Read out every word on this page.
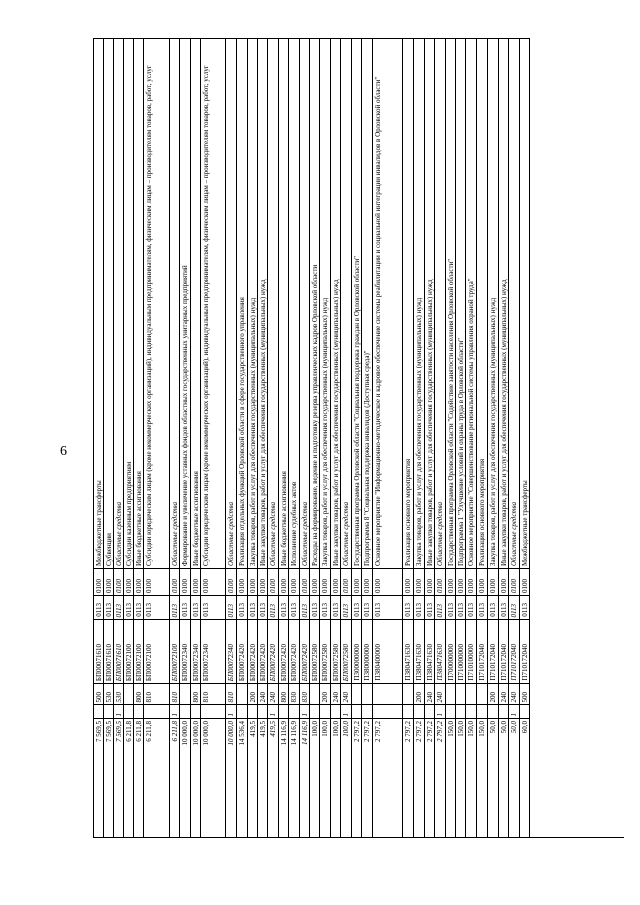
6
Межбюджетные трансферты
0100
0113
БП00071610
500
7 569,5
Субвенции
0100
0113
БП00071610
530
7 569,5
Областные средства
0100
0113
БП00071610
530
1
7 569,5
Субсидии казенным предприятиям
0100
0113
БП00072100
6 211,8
Иные бюджетные ассигнования
0100
0113
БП00072100
800
6 211,8
Субсидии юридическим лицам (кроме некоммерческих организаций), индивидуальным предпринимателям, физическим лицам – производителям товаров, работ, услуг
0100
0113
БП00072100
810
6 211,8
Областные средства
0100
0113
БП00072100
810
1
6 211,8
Формирование и увеличение уставных фондов областных государственных унитарных предприятий
0100
0113
БП00072340
10 000,0
Иные бюджетные ассигнования
0100
0113
БП00072340
800
10 000,0
Субсидии юридическим лицам (кроме некоммерческих организаций), индивидуальным предпринимателям, физическим лицам – производителям товаров, работ, услуг
0100
0113
БП00072340
810
10 000,0
Областные средства
0100
0113
БП00072340
810
1
10 000,0
Реализация отдельных функций Орловской области в сфере государственного управления
0100
0113
БП00072420
14 536,4
Закупка товаров, работ и услуг для обеспечения государственных (муниципальных) нужд
0100
0113
БП00072420
200
419,5
Иные закупки товаров, работ и услуг для обеспечения государственных (муниципальных) нужд
0100
0113
БП00072420
240
419,5
Областные средства
0100
0113
БП00072420
240
1
419,5
Иные бюджетные ассигнования
0100
0113
БП00072420
800
14 116,9
Исполнение судебных актов
0100
0113
БП00072420
830
14 116,9
Областные средства
0100
0113
БП00072420
830
1
14 116,9
Расходы на формирование, ведение и подготовку резерва управленческих кадров Орловской области
0100
0113
БП00072580
100,0
Закупка товаров, работ и услуг для обеспечения государственных (муниципальных) нужд
0100
0113
БП00072580
200
100,0
Иные закупки товаров, работ и услуг для обеспечения государственных (муниципальных) нужд
0100
0113
БП00072580
240
100,0
Областные средства
0100
0113
БП00072580
240
1
100,0
Государственная программа Орловской области "Социальная поддержка граждан в Орловской области"
0100
0113
П300000000
2 797,2
Подпрограмма 8 "Социальная поддержка инвалидов (Доступная среда)"
0100
0113
П380000000
2 797,2
Основное мероприятие "Информационно-методическое и кадровое обеспечение системы реабилитации и социальной интеграции инвалидов в Орловской области"
0100
0113
П380400000
2 797,2
Реализация основного мероприятия
0100
0113
П380471630
2 797,2
Закупка товаров, работ и услуг для обеспечения государственных (муниципальных) нужд
0100
0113
П380471630
200
2 797,2
Иные закупки товаров, работ и услуг для обеспечения государственных (муниципальных) нужд
0100
0113
П380471630
240
2 797,2
Областные средства
0100
0113
П380471630
240
1
2 797,2
Государственная программа Орловской области "Содействие занятости населения Орловской области"
0100
0113
П700000000
150,0
Подпрограмма 1 "Улучшение условий и охраны труда в Орловской области"
0100
0113
П710000000
150,0
Основное мероприятие "Совершенствование региональной системы управления охраной труда"
0100
0113
П710100000
150,0
Реализация основного мероприятия
0100
0113
П710172040
150,0
Закупка товаров, работ и услуг для обеспечения государственных (муниципальных) нужд
0100
0113
П710172040
200
50,0
Иные закупки товаров, работ и услуг для обеспечения государственных (муниципальных) нужд
0100
0113
П710172040
240
50,0
Областные средства
0100
0113
П710172040
240
1
50,0
Межбюджетные трансферты
0100
0113
П710172040
500
60,0
